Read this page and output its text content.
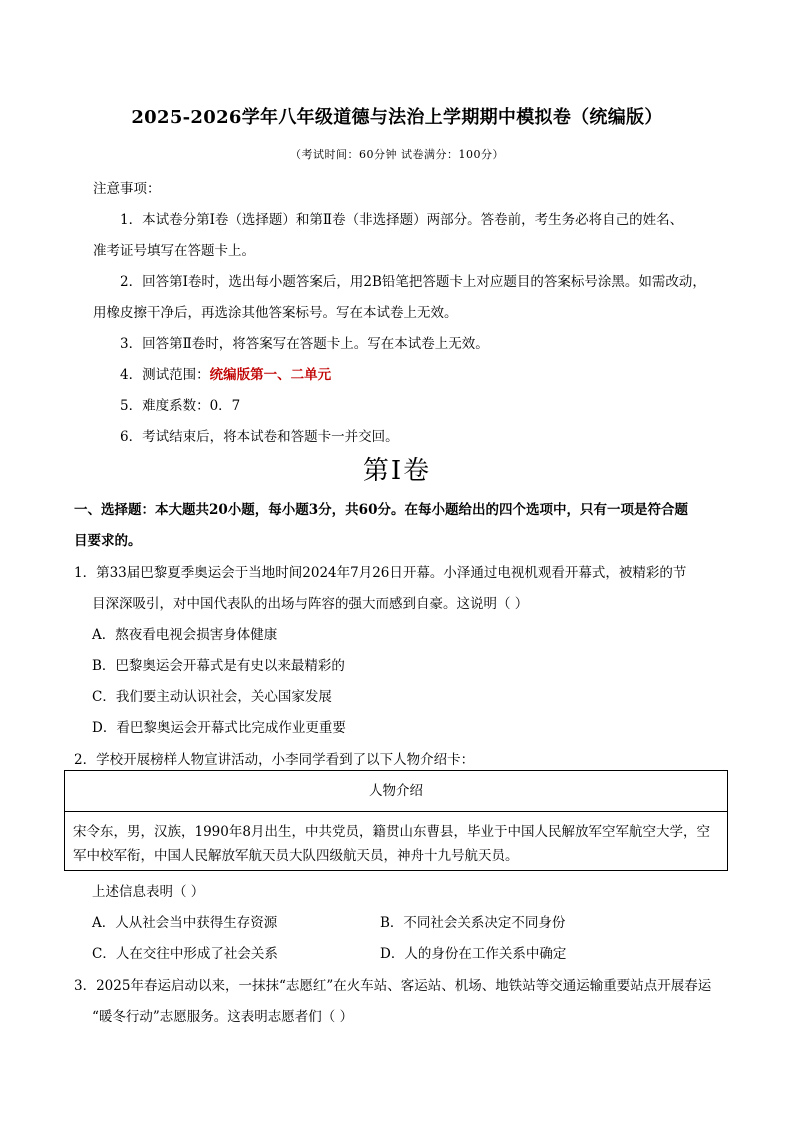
2025-2026学年八年级道德与法治上学期期中模拟卷（统编版）
（考试时间：60分钟 试卷满分：100分）
注意事项：
1．本试卷分第Ⅰ卷（选择题）和第Ⅱ卷（非选择题）两部分。答卷前，考生务必将自己的姓名、
准考证号填写在答题卡上。
2．回答第Ⅰ卷时，选出每小题答案后，用2B铅笔把答题卡上对应题目的答案标号涂黑。如需改动，
用橡皮擦干净后，再选涂其他答案标号。写在本试卷上无效。
3．回答第Ⅱ卷时，将答案写在答题卡上。写在本试卷上无效。
4．测试范围：统编版第一、二单元
5．难度系数：0．7
6．考试结束后，将本试卷和答题卡一并交回。
第Ⅰ卷
一、选择题：本大题共20小题，每小题3分，共60分。在每小题给出的四个选项中，只有一项是符合题
目要求的。
1．第33届巴黎夏季奥运会于当地时间2024年7月26日开幕。小泽通过电视机观看开幕式，被精彩的节
目深深吸引，对中国代表队的出场与阵容的强大而感到自豪。这说明（ ）
A．熬夜看电视会损害身体健康
B．巴黎奥运会开幕式是有史以来最精彩的
C．我们要主动认识社会，关心国家发展
D．看巴黎奥运会开幕式比完成作业更重要
2．学校开展榜样人物宣讲活动，小李同学看到了以下人物介绍卡：
人物介绍
宋令东，男，汉族，1990年8月出生，中共党员，籍贯山东曹县，毕业于中国人民解放军空军航空大学，空军中校军衔，中国人民解放军航天员大队四级航天员，神舟十九号航天员。
上述信息表明（ ）
A．人从社会当中获得生存资源	B．不同社会关系决定不同身份
C．人在交往中形成了社会关系	D．人的身份在工作关系中确定
3．2025年春运启动以来，一抹抹“志愿红”在火车站、客运站、机场、地铁站等交通运输重要站点开展春运
“暖冬行动”志愿服务。这表明志愿者们（ ）
